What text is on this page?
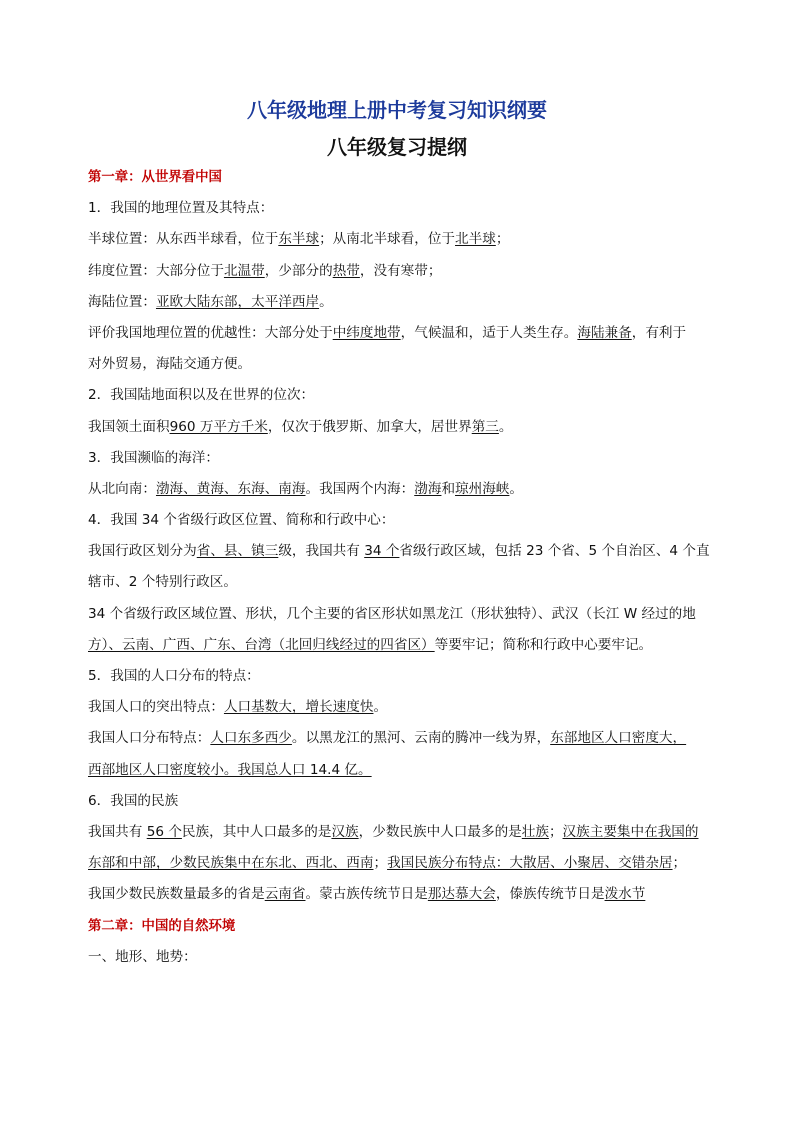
八年级地理上册中考复习知识纲要
八年级复习提纲
第一章：从世界看中国
1．我国的地理位置及其特点：
半球位置：从东西半球看，位于东半球；从南北半球看，位于北半球；
纬度位置：大部分位于北温带，少部分的热带，没有寒带；
海陆位置：亚欧大陆东部，太平洋西岸。
评价我国地理位置的优越性：大部分处于中纬度地带，气候温和，适于人类生存。海陆兼备，有利于
对外贸易，海陆交通方便。
2．我国陆地面积以及在世界的位次：
我国领土面积960 万平方千米，仅次于俄罗斯、加拿大，居世界第三。
3．我国濒临的海洋：
从北向南：渤海、黄海、东海、南海。我国两个内海：渤海和琼州海峡。
4．我国 34 个省级行政区位置、简称和行政中心：
我国行政区划分为省、县、镇三级，我国共有 34 个省级行政区域，包括 23 个省、5 个自治区、4 个直
辖市、2 个特别行政区。
34 个省级行政区域位置、形状，几个主要的省区形状如黑龙江（形状独特）、武汉（长江 W 经过的地
方）、云南、广西、广东、台湾（北回归线经过的四省区）等要牢记；简称和行政中心要牢记。
5．我国的人口分布的特点：
我国人口的突出特点：人口基数大，增长速度快。
我国人口分布特点：人口东多西少。以黑龙江的黑河、云南的腾冲一线为界，东部地区人口密度大，
西部地区人口密度较小。我国总人口 14.4 亿。
6．我国的民族
我国共有 56 个民族，其中人口最多的是汉族，少数民族中人口最多的是壮族；汉族主要集中在我国的
东部和中部，少数民族集中在东北、西北、西南；我国民族分布特点：大散居、小聚居、交错杂居；
我国少数民族数量最多的省是云南省。蒙古族传统节日是那达慕大会，傣族传统节日是泼水节
第二章：中国的自然环境
一、地形、地势：
